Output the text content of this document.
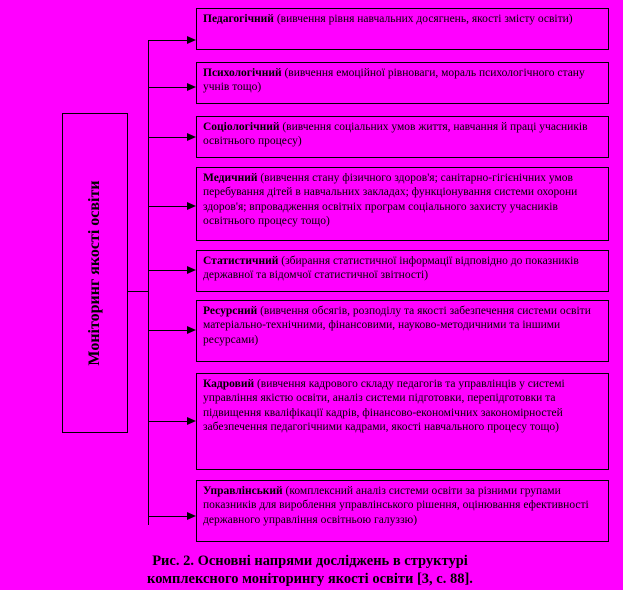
Моніторинг якості освіти
Педагогічний (вивчення рівня навчальних досягнень, якості змісту освіти)
Психологічний (вивчення емоційної рівноваги, мораль психологічного стану учнів тощо)
Соціологічний (вивчення соціальних умов життя, навчання й праці учасників освітнього процесу)
Медичний (вивчення стану фізичного здоров'я; санітарно-гігієнічних умов перебування дітей в навчальних закладах; функціонування системи охорони здоров'я; впровадження освітніх програм соціального захисту учасників освітнього процесу тощо)
Статистичний (збирання статистичної інформації відповідно до показників державної та відомчої статистичної звітності)
Ресурсний (вивчення обсягів, розподілу та якості забезпечення системи освіти матеріально-технічними, фінансовими, науково-методичними та іншими ресурсами)
Кадровий (вивчення кадрового складу педагогів та управлінців у системі управління якістю освіти, аналіз системи підготовки, перепідготовки та підвищення кваліфікації кадрів, фінансово-економічних закономірностей забезпечення педагогічними кадрами, якості навчального процесу тощо)
Управлінський (комплексний аналіз системи освіти за різними групами показників для вироблення управлінського рішення, оцінювання ефективності державного управління освітньою галуззю)
Рис. 2. Основні напрями досліджень в структурі
комплексного моніторингу якості освіти [3, с. 88].
